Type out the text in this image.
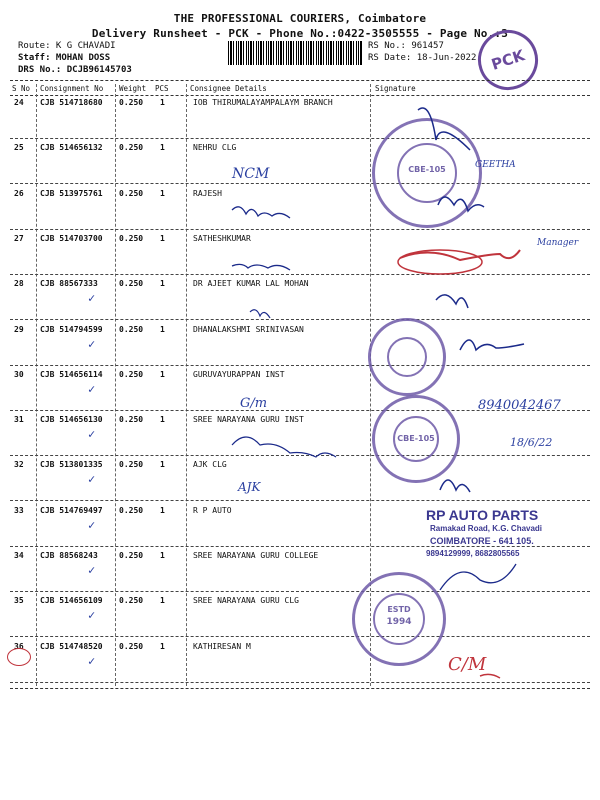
THE PROFESSIONAL COURIERS, Coimbatore
Delivery Runsheet - PCK - Phone No.:0422-3505555 - Page No.:3
Route: K G CHAVADI
Staff: MOHAN DOSS
DRS No.: DCJB96145703
RS No.: 961457
RS Date: 18-Jun-2022 PCK
S No Consignment No Weight PCS	Consignee Details	Signature
24 CJB 514718680 0.250 1	IOB THIRUMALAYAMPALAYM BRANCH
25 CJB 514656132 0.250 1	NEHRU CLG
26 CJB 513975761 0.250 1	RAJESH
27 CJB 514703700 0.250 1	SATHESHKUMAR
28 CJB 88567333	0.250 1	DR AJEET KUMAR LAL MOHAN
✓
29 CJB 514794599 0.250 1	DHANALAKSHMI SRINIVASAN
✓
30 CJB 514656114 0.250 1	GURUVAYURAPPAN INST
✓
31 CJB 514656130 0.250 1	SREE NARAYANA GURU INST
✓
32 CJB 513801335 0.250 1	AJK CLG
✓
33 CJB 514769497 0.250 1	R P AUTO
✓
34 CJB 88568243	0.250 1	SREE NARAYANA GURU COLLEGE
✓
35 CJB 514656109 0.250 1	SREE NARAYANA GURU CLG
✓
36 CJB 514748520 0.250 1	KATHIRESAN M
✓
CBE-105
CBE-105
ESTD
1994
RP AUTO PARTS
Ramakad Road, K.G. Chavadi
COIMBATORE - 641 105.
9894129999, 8682805565
NCM
GEETHA
8940042467
18/6/22
G/m
AJK
Manager
C/M
